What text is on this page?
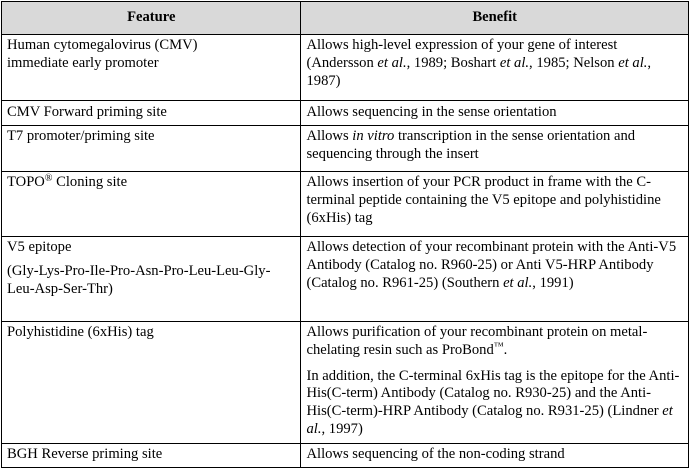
Feature	Benefit
Human cytomegalovirus (CMV)
immediate early promoter	Allows high-level expression of your gene of interest (Andersson et al., 1989; Boshart et al., 1985; Nelson et al., 1987)
CMV Forward priming site	Allows sequencing in the sense orientation
T7 promoter/priming site	Allows in vitro transcription in the sense orientation and sequencing through the insert
TOPO® Cloning site	Allows insertion of your PCR product in frame with the C-terminal peptide containing the V5 epitope and polyhistidine (6xHis) tag
V5 epitope
(Gly-Lys-Pro-Ile-Pro-Asn-Pro-Leu-Leu-Gly-Leu-Asp-Ser-Thr)	Allows detection of your recombinant protein with the Anti-V5 Antibody (Catalog no. R960-25) or Anti V5-HRP Antibody (Catalog no. R961-25) (Southern et al., 1991)
Polyhistidine (6xHis) tag	Allows purification of your recombinant protein on metal-chelating resin such as ProBond™.
In addition, the C-terminal 6xHis tag is the epitope for the Anti-His(C-term) Antibody (Catalog no. R930-25) and the Anti-His(C-term)-HRP Antibody (Catalog no. R931-25) (Lindner et al., 1997)

BGH Reverse priming site	Allows sequencing of the non-coding strand
